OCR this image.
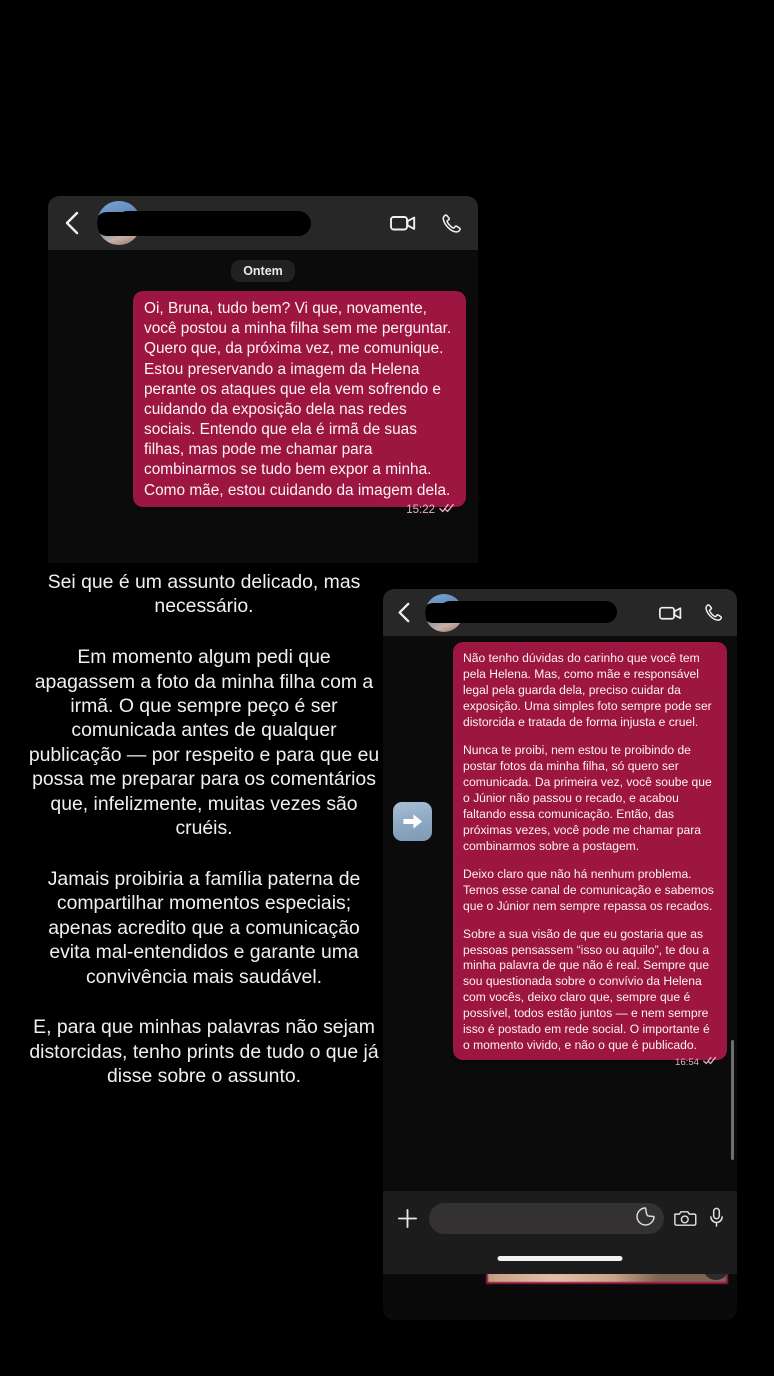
Ontem

Oi, Bruna, tudo bem? Vi que, novamente, você postou a minha filha sem me perguntar. Quero que, da próxima vez, me comunique. Estou preservando a imagem da Helena perante os ataques que ela vem sofrendo e cuidando da exposição dela nas redes sociais. Entendo que ela é irmã de suas filhas, mas pode me chamar para combinarmos se tudo bem expor a minha. Como mãe, estou cuidando da imagem dela.

15:22

Sei que é um assunto delicado, mas necessário.

Em momento algum pedi que apagassem a foto da minha filha com a irmã. O que sempre peço é ser comunicada antes de qualquer publicação — por respeito e para que eu possa me preparar para os comentários que, infelizmente, muitas vezes são cruéis.

Jamais proibiria a família paterna de compartilhar momentos especiais; apenas acredito que a comunicação evita mal-entendidos e garante uma convivência mais saudável.

E, para que minhas palavras não sejam distorcidas, tenho prints de tudo o que já disse sobre o assunto.

Não tenho dúvidas do carinho que você tem pela Helena. Mas, como mãe e responsável legal pela guarda dela, preciso cuidar da exposição. Uma simples foto sempre pode ser distorcida e tratada de forma injusta e cruel.

Nunca te proibi, nem estou te proibindo de postar fotos da minha filha, só quero ser comunicada. Da primeira vez, você soube que o Júnior não passou o recado, e acabou faltando essa comunicação. Então, das próximas vezes, você pode me chamar para combinarmos sobre a postagem.

Deixo claro que não há nenhum problema. Temos esse canal de comunicação e sabemos que o Júnior nem sempre repassa os recados.

Sobre a sua visão de que eu gostaria que as pessoas pensassem “isso ou aquilo”, te dou a minha palavra de que não é real. Sempre que sou questionada sobre o convívio da Helena com vocês, deixo claro que, sempre que é possível, todos estão juntos — e nem sempre isso é postado em rede social. O importante é o momento vivido, e não o que é publicado.

16:54
